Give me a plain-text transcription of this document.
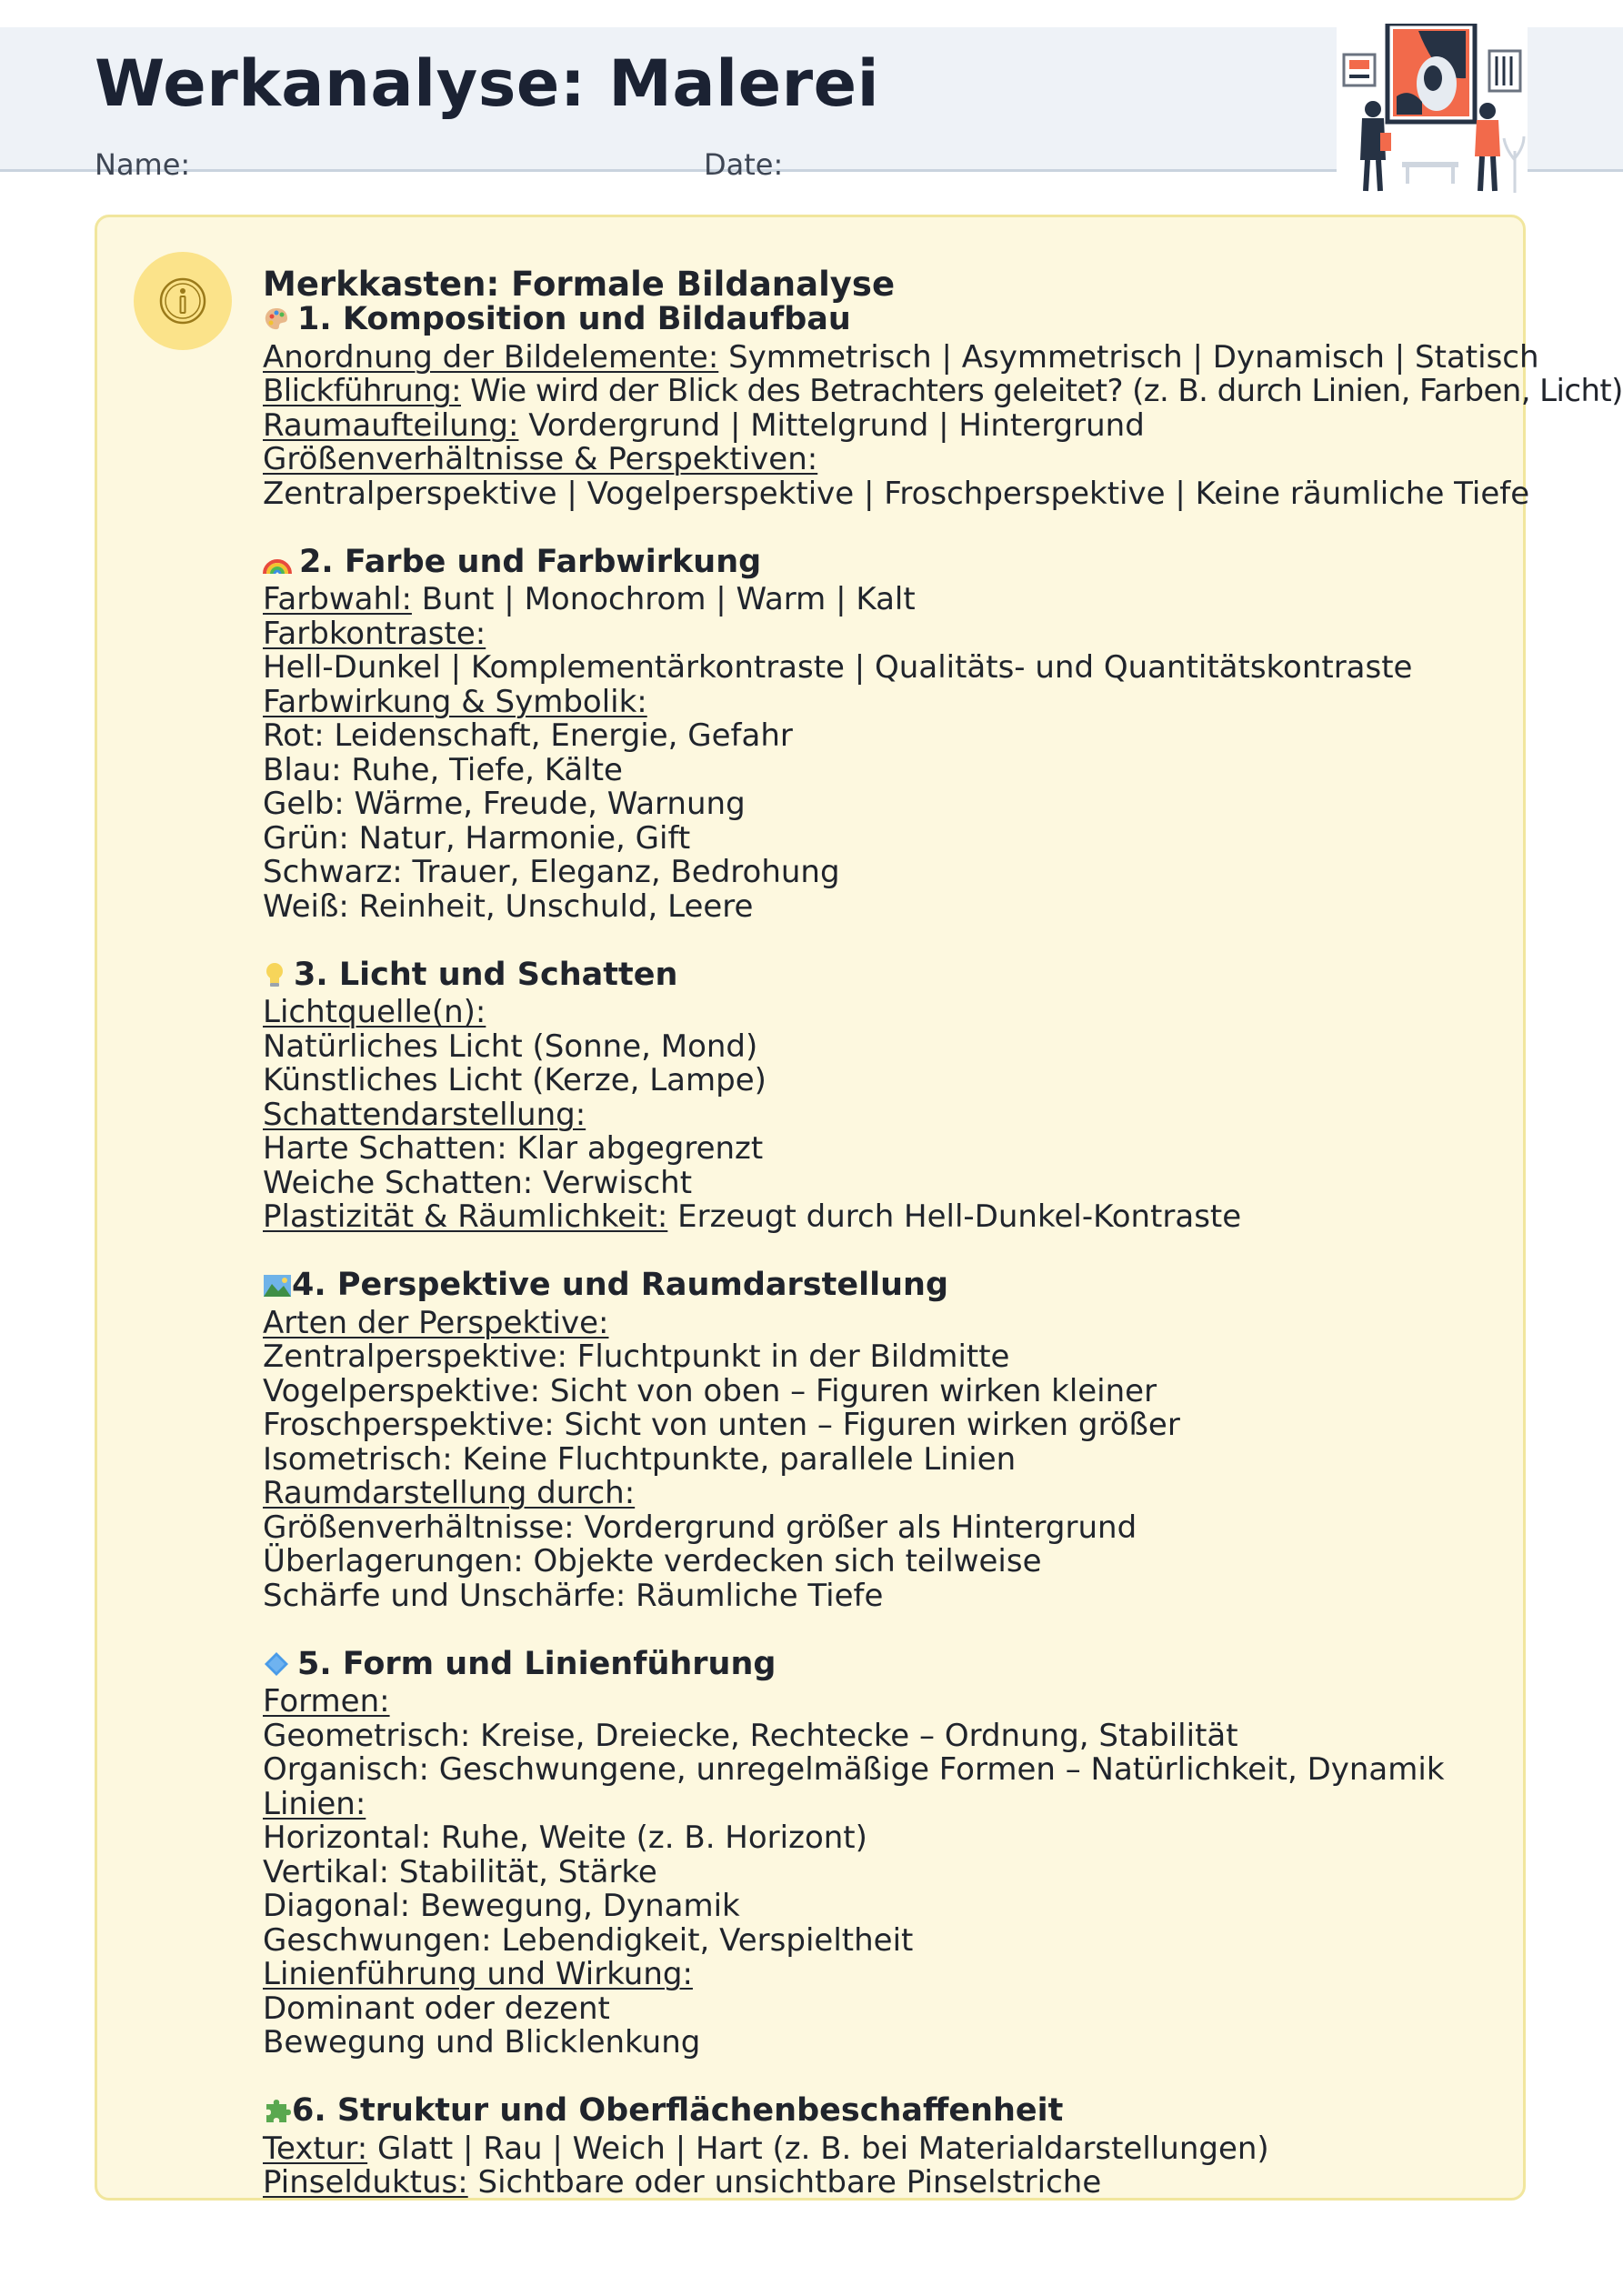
Werkanalyse: Malerei
Name:	Date:
Merkkasten: Formale Bildanalyse
1. Komposition und Bildaufbau
Anordnung der Bildelemente: Symmetrisch | Asymmetrisch | Dynamisch | Statisch
Blickführung: Wie wird der Blick des Betrachters geleitet? (z. B. durch Linien, Farben, Licht)
Raumaufteilung: Vordergrund | Mittelgrund | Hintergrund
Größenverhältnisse & Perspektiven:
Zentralperspektive | Vogelperspektive | Froschperspektive | Keine räumliche Tiefe
2. Farbe und Farbwirkung
Farbwahl: Bunt | Monochrom | Warm | Kalt
Farbkontraste:
Hell-Dunkel | Komplementärkontraste | Qualitäts- und Quantitätskontraste
Farbwirkung & Symbolik:
Rot: Leidenschaft, Energie, Gefahr
Blau: Ruhe, Tiefe, Kälte
Gelb: Wärme, Freude, Warnung
Grün: Natur, Harmonie, Gift
Schwarz: Trauer, Eleganz, Bedrohung
Weiß: Reinheit, Unschuld, Leere
3. Licht und Schatten
Lichtquelle(n):
Natürliches Licht (Sonne, Mond)
Künstliches Licht (Kerze, Lampe)
Schattendarstellung:
Harte Schatten: Klar abgegrenzt
Weiche Schatten: Verwischt
Plastizität & Räumlichkeit: Erzeugt durch Hell-Dunkel-Kontraste
4. Perspektive und Raumdarstellung
Arten der Perspektive:
Zentralperspektive: Fluchtpunkt in der Bildmitte
Vogelperspektive: Sicht von oben – Figuren wirken kleiner
Froschperspektive: Sicht von unten – Figuren wirken größer
Isometrisch: Keine Fluchtpunkte, parallele Linien
Raumdarstellung durch:
Größenverhältnisse: Vordergrund größer als Hintergrund
Überlagerungen: Objekte verdecken sich teilweise
Schärfe und Unschärfe: Räumliche Tiefe
5. Form und Linienführung
Formen:
Geometrisch: Kreise, Dreiecke, Rechtecke – Ordnung, Stabilität
Organisch: Geschwungene, unregelmäßige Formen – Natürlichkeit, Dynamik
Linien:
Horizontal: Ruhe, Weite (z. B. Horizont)
Vertikal: Stabilität, Stärke
Diagonal: Bewegung, Dynamik
Geschwungen: Lebendigkeit, Verspieltheit
Linienführung und Wirkung:
Dominant oder dezent
Bewegung und Blicklenkung
6. Struktur und Oberflächenbeschaffenheit
Textur: Glatt | Rau | Weich | Hart (z. B. bei Materialdarstellungen)
Pinselduktus: Sichtbare oder unsichtbare Pinselstriche
